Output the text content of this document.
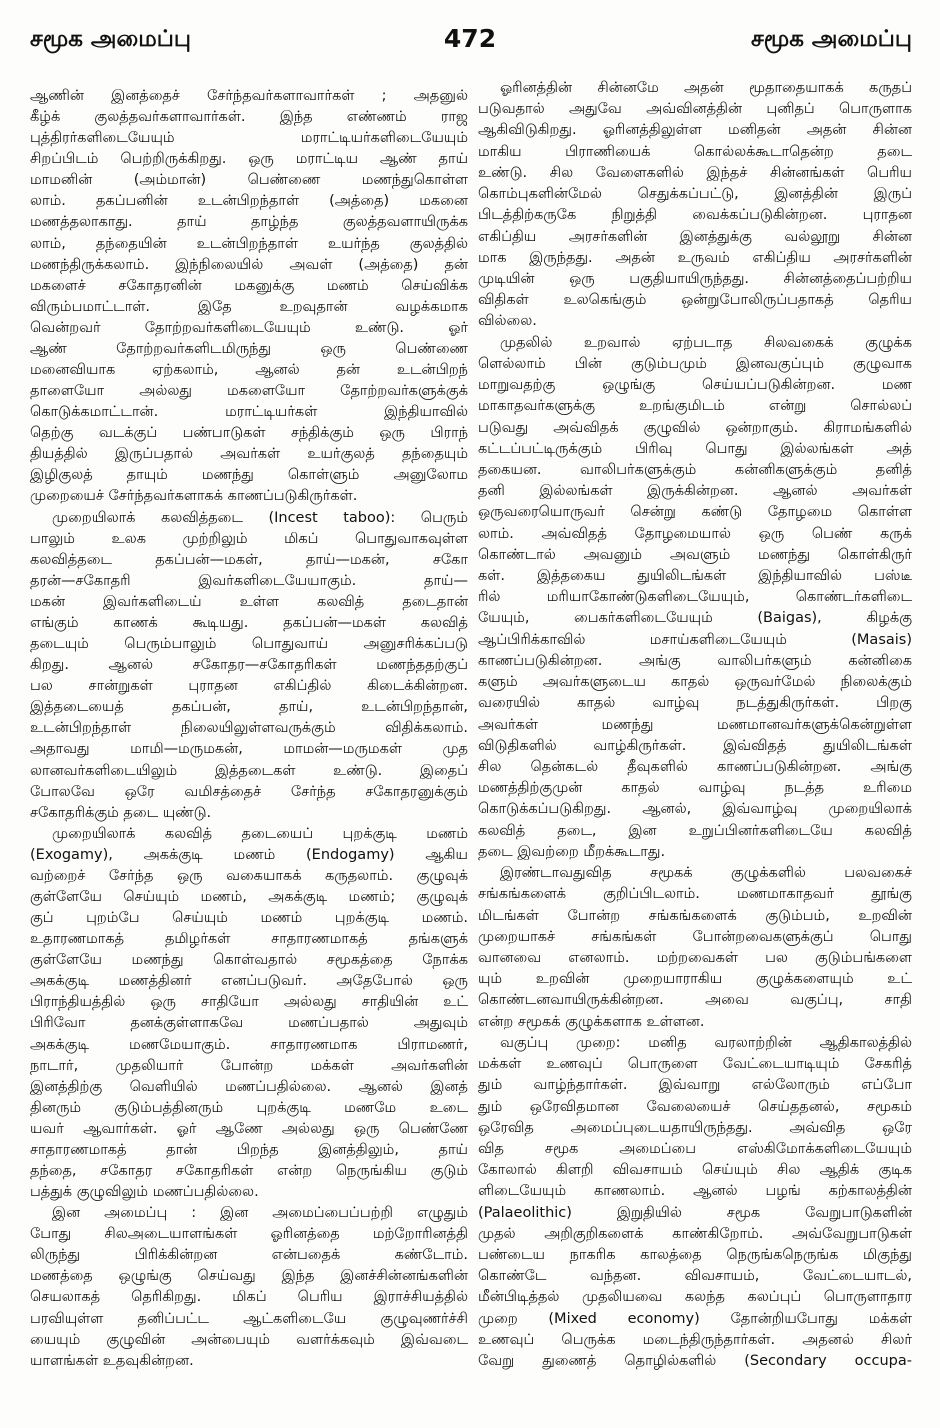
சமூக அமைப்பு	472	சமூக அமைப்பு
ஆணின் இனத்தைச் சேர்ந்தவர்களாவார்கள் ; அதனுல்
கீழ்க் குலத்தவர்களாவார்கள். இந்த எண்ணம் ராஜ
புத்திரர்களிடையேயும் மராட்டியர்களிடையேயும்
சிறப்பிடம் பெற்றிருக்கிறது. ஒரு மராட்டிய ஆண் தாய்
மாமனின் (அம்மான்) பெண்ணை மணந்துகொள்ள
லாம். தகப்பனின் உடன்பிறந்தாள் (அத்தை) மகனை
மணத்தலாகாது. தாய் தாழ்ந்த குலத்தவளாயிருக்க
லாம், தந்தையின் உடன்பிறந்தாள் உயர்ந்த குலத்தில்
மணந்திருக்கலாம். இந்நிலையில் அவள் (அத்தை) தன்
மகளைச் சகோதரனின் மகனுக்கு மணம் செய்விக்க
விரும்பமாட்டாள். இதே உறவுதான் வழக்கமாக
வென்றவர் தோற்றவர்களிடையேயும் உண்டு. ஓர்
ஆண் தோற்றவர்களிடமிருந்து ஒரு பெண்ணை
மனைவியாக ஏற்கலாம், ஆனல் தன் உடன்பிறந்
தாளையோ அல்லது மகளையோ தோற்றவர்களுக்குக்
கொடுக்கமாட்டான். மராட்டியர்கள் இந்தியாவில்
தெற்கு வடக்குப் பண்பாடுகள் சந்திக்கும் ஒரு பிராந்
தியத்தில் இருப்பதால் அவர்கள் உயர்குலத் தந்தையும்
இழிகுலத் தாயும் மணந்து கொள்ளும் அனுலோம
முறையைச் சேர்ந்தவர்களாகக் காணப்படுகிருர்கள்.
முறையிலாக் கலவித்தடை (Incest taboo): பெரும்
பாலும் உலக முற்றிலும் மிகப் பொதுவாகவுள்ள
கலவித்தடை தகப்பன்—மகள், தாய்—மகன், சகோ
தரன்—சகோதரி இவர்களிடையேயாகும். தாய்—
மகன் இவர்களிடைய் உள்ள கலவித் தடைதான்
எங்கும் காணக் கூடியது. தகப்பன்—மகள் கலவித்
தடையும் பெரும்பாலும் பொதுவாய் அனுசரிக்கப்படு
கிறது. ஆனல் சகோதர—சகோதரிகள் மணந்ததற்குப்
பல சான்றுகள் புராதன எகிப்தில் கிடைக்கின்றன.
இத்தடையைத் தகப்பன், தாய், உடன்பிறந்தான்,
உடன்பிறந்தாள் நிலையிலுள்ளவருக்கும் விதிக்கலாம்.
அதாவது மாமி—மருமகன், மாமன்—மருமகள் முத
லானவர்களிடையிலும் இத்தடைகள் உண்டு. இதைப்
போலவே ஒரே வமிசத்தைச் சேர்ந்த சகோதரனுக்கும்
சகோதரிக்கும் தடை யுண்டு.
முறையிலாக் கலவித் தடையைப் புறக்குடி மணம்
(Exogamy), அகக்குடி மணம் (Endogamy) ஆகிய
வற்றைச் சேர்ந்த ஒரு வகையாகக் கருதலாம். குழுவுக்
குள்ளேயே செய்யும் மணம், அகக்குடி மணம்; குழுவுக்
குப் புறம்பே செய்யும் மணம் புறக்குடி மணம்.
உதாரணமாகத் தமிழர்கள் சாதாரணமாகத் தங்களுக்
குள்ளேயே மணந்து கொள்வதால் சமூகத்தை நோக்க
அகக்குடி மணத்தினர் எனப்படுவர். அதேபோல் ஒரு
பிராந்தியத்தில் ஒரு சாதியோ அல்லது சாதியின் உட்
பிரிவோ தனக்குள்ளாகவே மணப்பதால் அதுவும்
அகக்குடி மணமேயாகும். சாதாரணமாக பிராமணர்,
நாடார், முதலியார் போன்ற மக்கள் அவர்களின்
இனத்திற்கு வெளியில் மணப்பதில்லை. ஆனல் இனத்
தினரும் குடும்பத்தினரும் புறக்குடி மணமே உடை
யவர் ஆவார்கள். ஓர் ஆணே அல்லது ஒரு பெண்ணே
சாதாரணமாகத் தான் பிறந்த இனத்திலும், தாய்
தந்தை, சகோதர சகோதரிகள் என்ற நெருங்கிய குடும்
பத்துக் குழுவிலும் மணப்பதில்லை.
இன அமைப்பு : இன அமைப்பைப்பற்றி எழுதும்
போது சிலஅடையாளங்கள் ஓரினத்தை மற்றோரினத்தி
லிருந்து பிரிக்கின்றன என்பதைக் கண்டோம்.
மணத்தை ஒழுங்கு செய்வது இந்த இனச்சின்னங்களின்
செயலாகத் தெரிகிறது. மிகப் பெரிய இராச்சியத்தில்
பரவியுள்ள தனிப்பட்ட ஆட்களிடையே குழுவுணர்ச்சி
யையும் குழுவின் அன்பையும் வளர்க்கவும் இவ்வடை
யாளங்கள் உதவுகின்றன.
ஓரினத்தின் சின்னமே அதன் மூதாதையாகக் கருதப்
படுவதால் அதுவே அவ்வினத்தின் புனிதப் பொருளாக
ஆகிவிடுகிறது. ஓரினத்திலுள்ள மனிதன் அதன் சின்ன
மாகிய பிராணியைக் கொல்லக்கூடாதென்ற தடை
உண்டு. சில வேளைகளில் இந்தச் சின்னங்கள் பெரிய
கொம்புகளின்மேல் செதுக்கப்பட்டு, இனத்தின் இருப்
பிடத்திற்கருகே நிறுத்தி வைக்கப்படுகின்றன. புராதன
எகிப்திய அரசர்களின் இனத்துக்கு வல்லூறு சின்ன
மாக இருந்தது. அதன் உருவம் எகிப்திய அரசர்களின்
முடியின் ஒரு பகுதியாயிருந்தது. சின்னத்தைப்பற்றிய
விதிகள் உலகெங்கும் ஒன்றுபோலிருப்பதாகத் தெரிய
வில்லை.
முதலில் உறவால் ஏற்படாத சிலவகைக் குழுக்க
ளெல்லாம் பின் குடும்பமும் இனவகுப்பும் குழுவாக
மாறுவதற்கு ஒழுங்கு செய்யப்படுகின்றன. மண
மாகாதவர்களுக்கு உறங்குமிடம் என்று சொல்லப்
படுவது அவ்விதக் குழுவில் ஒன்றாகும். கிராமங்களில்
கட்டப்பட்டிருக்கும் பிரிவு பொது இல்லங்கள் அத்
தகையன. வாலிபர்களுக்கும் கன்னிகளுக்கும் தனித்
தனி இல்லங்கள் இருக்கின்றன. ஆனல் அவர்கள்
ஒருவரையொருவர் சென்று கண்டு தோழமை கொள்ள
லாம். அவ்விதத் தோழமையால் ஒரு பெண் கருக்
கொண்டால் அவனும் அவளும் மணந்து கொள்கிருர்
கள். இத்தகைய துயிலிடங்கள் இந்தியாவில் பஸ்டீ
ரில் மரியாகோண்டுகளிடையேயும், கொண்டர்களிடை
யேயும், பைகர்களிடையேயும் (Baigas), கிழக்கு
ஆப்பிரிக்காவில் மசாய்களிடையேயும் (Masais)
காணப்படுகின்றன. அங்கு வாலிபர்களும் கன்னிகை
களும் அவர்களுடைய காதல் ஒருவர்மேல் நிலைக்கும்
வரையில் காதல் வாழ்வு நடத்துகிருர்கள். பிறகு
அவர்கள் மணந்து மணமானவர்களுக்கென்றுள்ள
விடுதிகளில் வாழ்கிருர்கள். இவ்விதத் துயிலிடங்கள்
சில தென்கடல் தீவுகளில் காணப்படுகின்றன. அங்கு
மணத்திற்குமுன் காதல் வாழ்வு நடத்த உரிமை
கொடுக்கப்படுகிறது. ஆனல், இவ்வாழ்வு முறையிலாக்
கலவித் தடை, இன உறுப்பினர்களிடையே கலவித்
தடை இவற்றை மீறக்கூடாது.
இரண்டாவதுவித சமூகக் குழுக்களில் பலவகைச்
சங்கங்களைக் குறிப்பிடலாம். மணமாகாதவர் தூங்கு
மிடங்கள் போன்ற சங்கங்களைக் குடும்பம், உறவின்
முறையாகச் சங்கங்கள் போன்றவைகளுக்குப் பொது
வானவை எனலாம். மற்றவைகள் பல குடும்பங்களை
யும் உறவின் முறையாராகிய குழுக்களையும் உட்
கொண்டனவாயிருக்கின்றன. அவை வகுப்பு, சாதி
என்ற சமூகக் குழுக்களாக உள்ளன.
வகுப்பு முறை: மனித வரலாற்றின் ஆதிகாலத்தில்
மக்கள் உணவுப் பொருளை வேட்டையாடியும் சேகரித்
தும் வாழ்ந்தார்கள். இவ்வாறு எல்லோரும் எப்போ
தும் ஒரேவிதமான வேலையைச் செய்ததனல், சமூகம்
ஒரேவித அமைப்புடையதாயிருந்தது. அவ்வித ஒரே
வித சமூக அமைப்பை எஸ்கிமோக்களிடையேயும்
கோலால் கிளறி விவசாயம் செய்யும் சில ஆதிக் குடிக
ளிடையேயும் காணலாம். ஆனல் பழங் கற்காலத்தின்
(Palaeolithic) இறுதியில் சமூக வேறுபாடுகளின்
முதல் அறிகுறிகளைக் காண்கிறோம். அவ்வேறுபாடுகள்
பண்டைய நாகரிக காலத்தை நெருங்கநெருங்க மிகுந்து
கொண்டே வந்தன. விவசாயம், வேட்டையாடல்,
மீன்பிடித்தல் முதலியவை கலந்த கலப்புப் பொருளாதார
முறை (Mixed economy) தோன்றியபோது மக்கள்
உணவுப் பெருக்க மடைந்திருந்தார்கள். அதனல் சிலர்
வேறு துணைத் தொழில்களில் (Secondary occupa-
